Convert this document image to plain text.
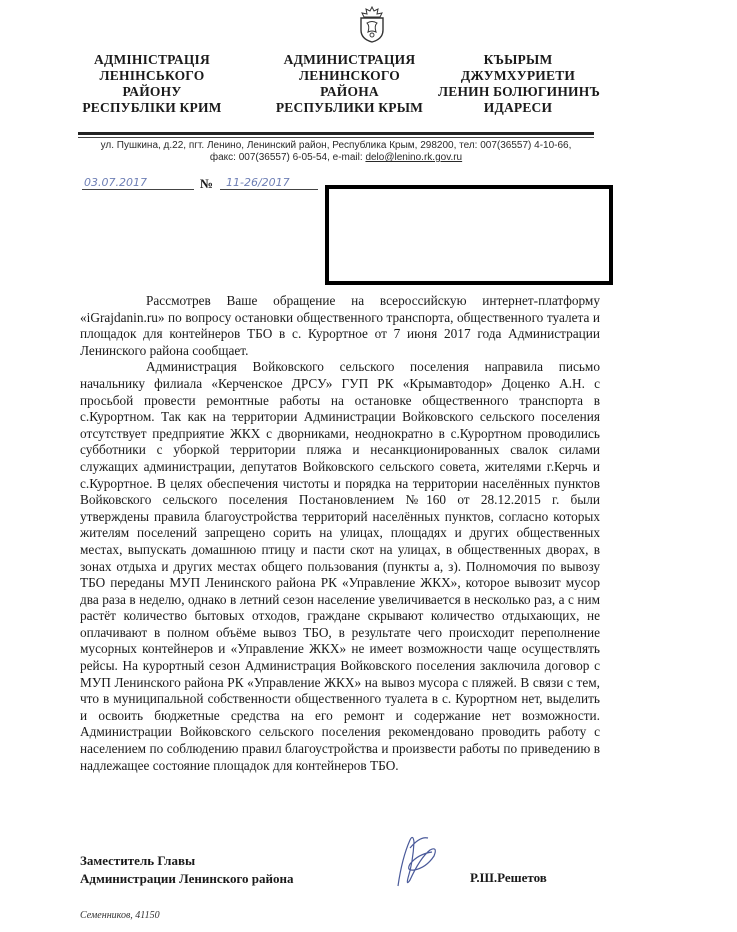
АДМІНІСТРАЦІЯ
ЛЕНІНСЬКОГО
РАЙОНУ
РЕСПУБЛІКИ КРИМ
АДМИНИСТРАЦИЯ
ЛЕНИНСКОГО
РАЙОНА
РЕСПУБЛИКИ КРЫМ
КЪЫРЫМ
ДЖУМХУРИЕТИ
ЛЕНИН БОЛЮГИНИНЪ
ИДАРЕСИ
ул. Пушкина, д.22, пгт. Ленино, Ленинский район, Республика Крым, 298200, тел: 007(36557) 4-10-66,
факс: 007(36557) 6-05-54, e-mail: delo@lenino.rk.gov.ru
03.07.2017	№	11-26/2017

Рассмотрев Ваше обращение на всероссийскую интернет-платформу «iGrajdanin.ru» по вопросу остановки общественного транспорта, общественного туалета и площадок для контейнеров ТБО в с. Курортное от 7 июня 2017 года Администрации Ленинского района сообщает.

Администрация Войковского сельского поселения направила письмо начальнику филиала «Керченское ДРСУ» ГУП РК «Крымавтодор» Доценко А.Н. с просьбой провести ремонтные работы на остановке общественного транспорта в с.Курортном. Так как на территории Администрации Войковского сельского поселения отсутствует предприятие ЖКХ с дворниками, неоднократно в с.Курортном проводились субботники с уборкой территории пляжа и несанкционированных свалок силами служащих администрации, депутатов Войковского сельского совета, жителями г.Керчь и с.Курортное. В целях обеспечения чистоты и порядка на территории населённых пунктов Войковского сельского поселения Постановлением №160 от 28.12.2015 г. были утверждены правила благоустройства территорий населённых пунктов, согласно которых жителям поселений запрещено сорить на улицах, площадях и других общественных местах, выпускать домашнюю птицу и пасти скот на улицах, в общественных дворах, в зонах отдыха и других местах общего пользования (пункты а, з). Полномочия по вывозу ТБО переданы МУП Ленинского района РК «Управление ЖКХ», которое вывозит мусор два раза в неделю, однако в летний сезон население увеличивается в несколько раз, а с ним растёт количество бытовых отходов, граждане скрывают количество отдыхающих, не оплачивают в полном объёме вывоз ТБО, в результате чего происходит переполнение мусорных контейнеров и «Управление ЖКХ» не имеет возможности чаще осуществлять рейсы. На курортный сезон Администрация Войковского поселения заключила договор с МУП Ленинского района РК «Управление ЖКХ» на вывоз мусора с пляжей. В связи с тем, что в муниципальной собственности общественного туалета в с. Курортном нет, выделить и освоить бюджетные средства на его ремонт и содержание нет возможности. Администрации Войковского сельского поселения рекомендовано проводить работу с населением по соблюдению правил благоустройства и произвести работы по приведению в надлежащее состояние площадок для контейнеров ТБО.

Заместитель Главы
Администрации Ленинского района	Р.Ш.Решетов
Семенников, 41150
